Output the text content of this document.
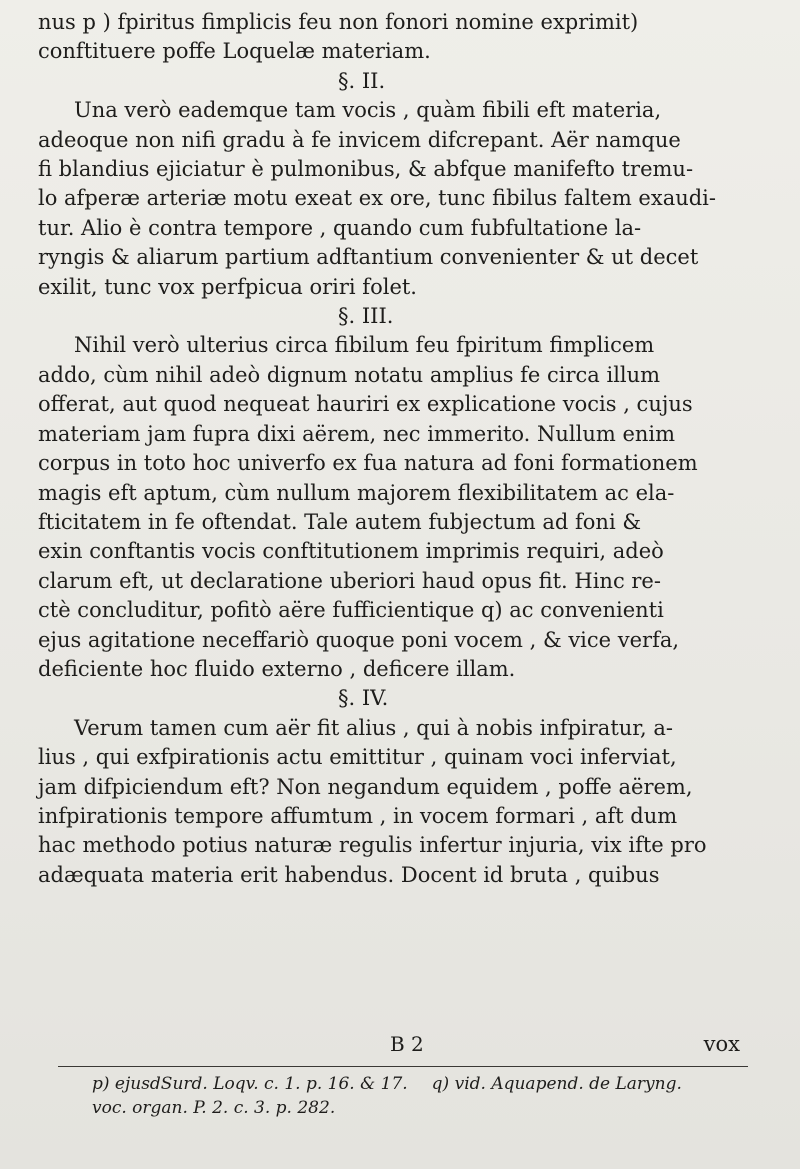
nus p ) fpiritus fimplicis feu non fonori nomine exprimit)
conftituere poffe Loquelæ materiam.
§. II.
Una verò eademque tam vocis , quàm fibili eft materia,
adeoque non nifi gradu à fe invicem difcrepant. Aër namque
fi blandius ejiciatur è pulmonibus, & abfque manifefto tremu-
lo afperæ arteriæ motu exeat ex ore, tunc fibilus faltem exaudi-
tur. Alio è contra tempore , quando cum fubfultatione la-
ryngis & aliarum partium adftantium convenienter & ut decet
exilit, tunc vox perfpicua oriri folet.
§. III.
Nihil verò ulterius circa fibilum feu fpiritum fimplicem
addo, cùm nihil adeò dignum notatu amplius fe circa illum
offerat, aut quod nequeat hauriri ex explicatione vocis , cujus
materiam jam fupra dixi aërem, nec immerito. Nullum enim
corpus in toto hoc univerfo ex fua natura ad foni formationem
magis eft aptum, cùm nullum majorem flexibilitatem ac ela-
fticitatem in fe oftendat. Tale autem fubjectum ad foni &
exin conftantis vocis conftitutionem imprimis requiri, adeò
clarum eft, ut declaratione uberiori haud opus fit. Hinc re-
ctè concluditur, pofitò aëre fufficientique q) ac convenienti
ejus agitatione neceffariò quoque poni vocem , & vice verfa,
deficiente hoc fluido externo , deficere illam.
§. IV.
Verum tamen cum aër fit alius , qui à nobis infpiratur, a-
lius , qui exfpirationis actu emittitur , quinam voci inferviat,
jam difpiciendum eft? Non negandum equidem , poffe aërem,
infpirationis tempore affumtum , in vocem formari , aft dum
hac methodo potius naturæ regulis infertur injuria, vix ifte pro
adæquata materia erit habendus. Docent id bruta , quibus
B 2	vox
p) ejusdSurd. Loqv. c. 1. p. 16. & 17. q) vid. Aquapend. de Laryng.
voc. organ. P. 2. c. 3. p. 282.
